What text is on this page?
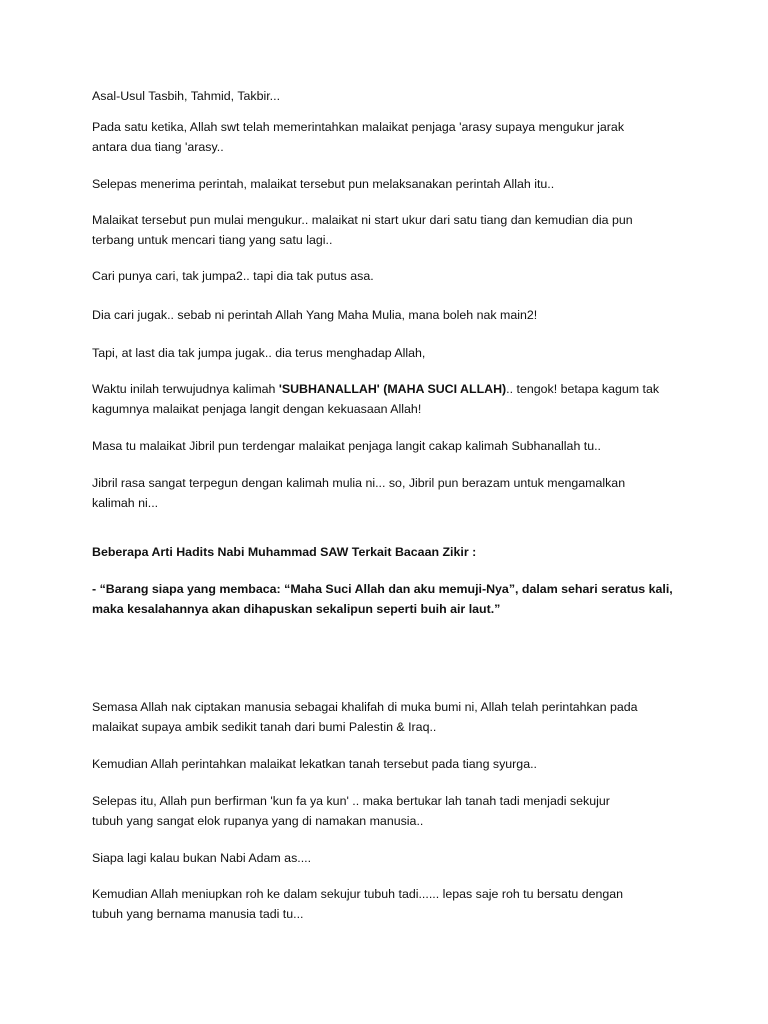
Asal-Usul Tasbih, Tahmid, Takbir...

Pada satu ketika, Allah swt telah memerintahkan malaikat penjaga 'arasy supaya mengukur jarak
antara dua tiang 'arasy..

Selepas menerima perintah, malaikat tersebut pun melaksanakan perintah Allah itu..

Malaikat tersebut pun mulai mengukur.. malaikat ni start ukur dari satu tiang dan kemudian dia pun
terbang untuk mencari tiang yang satu lagi..

Cari punya cari, tak jumpa2.. tapi dia tak putus asa.

Dia cari jugak.. sebab ni perintah Allah Yang Maha Mulia, mana boleh nak main2!

Tapi, at last dia tak jumpa jugak.. dia terus menghadap Allah,

Waktu inilah terwujudnya kalimah 'SUBHANALLAH' (MAHA SUCI ALLAH).. tengok! betapa kagum tak
kagumnya malaikat penjaga langit dengan kekuasaan Allah!

Masa tu malaikat Jibril pun terdengar malaikat penjaga langit cakap kalimah Subhanallah tu..

Jibril rasa sangat terpegun dengan kalimah mulia ni... so, Jibril pun berazam untuk mengamalkan
kalimah ni...

Beberapa Arti Hadits Nabi Muhammad SAW Terkait Bacaan Zikir :

- “Barang siapa yang membaca: “Maha Suci Allah dan aku memuji-Nya”, dalam sehari seratus kali,
maka kesalahannya akan dihapuskan sekalipun seperti buih air laut.”
Semasa Allah nak ciptakan manusia sebagai khalifah di muka bumi ni, Allah telah perintahkan pada
malaikat supaya ambik sedikit tanah dari bumi Palestin & Iraq..

Kemudian Allah perintahkan malaikat lekatkan tanah tersebut pada tiang syurga..

Selepas itu, Allah pun berfirman 'kun fa ya kun' .. maka bertukar lah tanah tadi menjadi sekujur
tubuh yang sangat elok rupanya yang di namakan manusia..

Siapa lagi kalau bukan Nabi Adam as....

Kemudian Allah meniupkan roh ke dalam sekujur tubuh tadi...... lepas saje roh tu bersatu dengan
tubuh yang bernama manusia tadi tu...
